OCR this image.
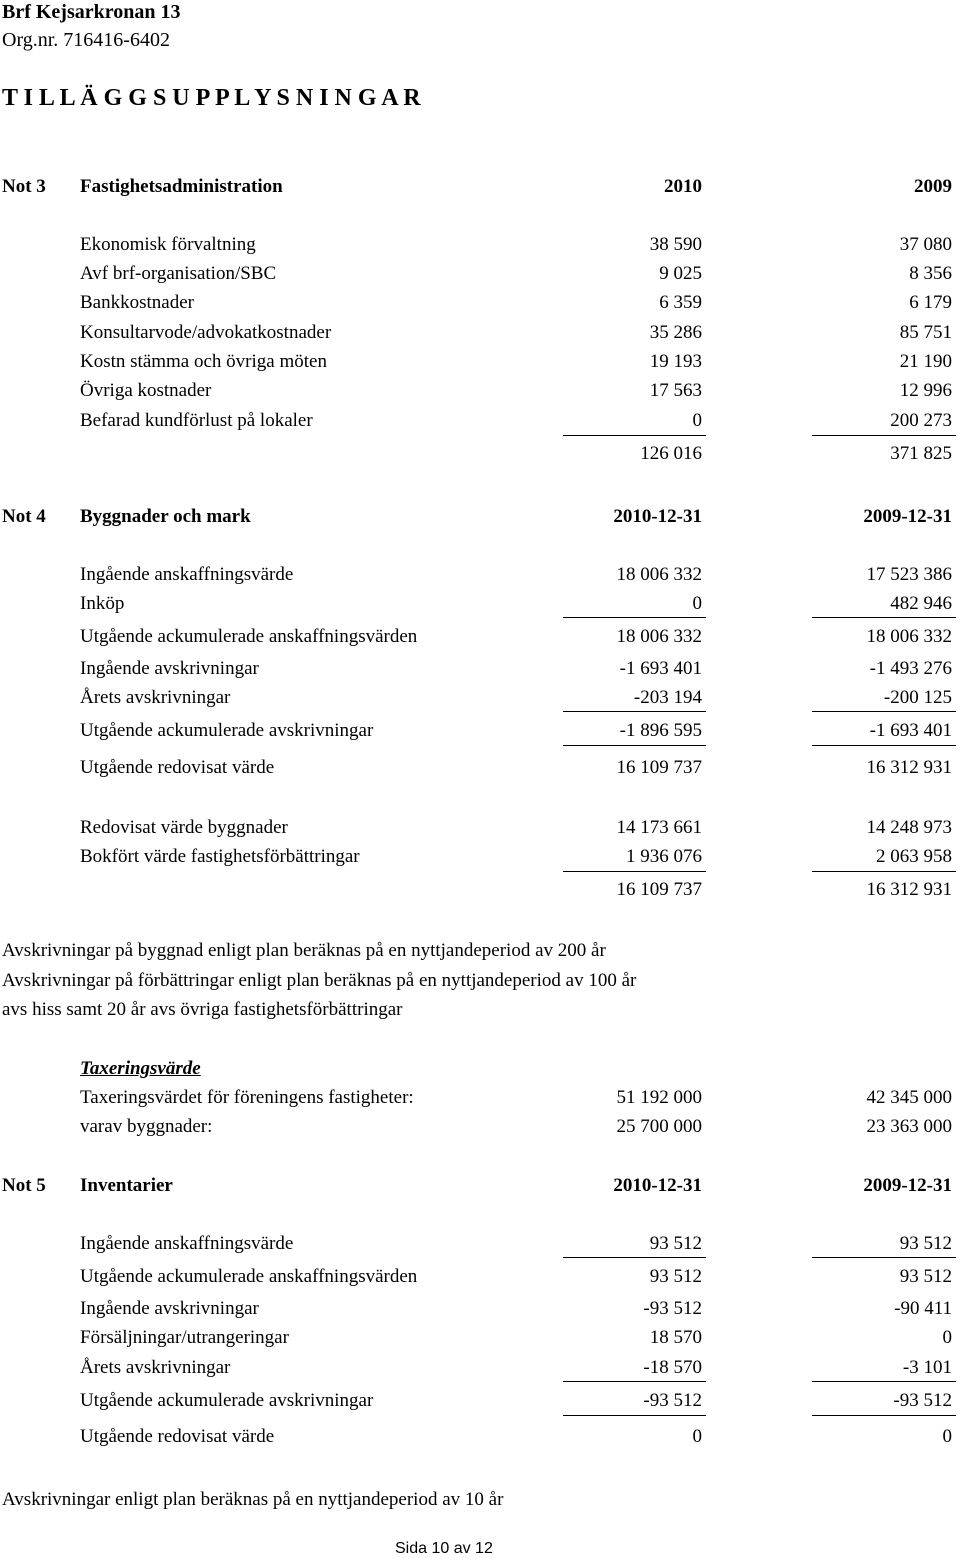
Brf Kejsarkronan 13
Org.nr. 716416-6402
T I L L Ä G G S U P P L Y S N I N G A R
Not 3 Fastighetsadministration	2010	2009
Ekonomisk förvaltning	38 590	37 080
Avf brf-organisation/SBC	9 025	8 356
Bankkostnader	6 359	6 179
Konsultarvode/advokatkostnader	35 286	85 751
Kostn stämma och övriga möten	19 193	21 190
Övriga kostnader	17 563	12 996
Befarad kundförlust på lokaler	0	200 273
126 016	371 825
Not 4 Byggnader och mark	2010-12-31	2009-12-31
Ingående anskaffningsvärde	18 006 332	17 523 386
Inköp	0	482 946
Utgående ackumulerade anskaffningsvärden	18 006 332	18 006 332
Ingående avskrivningar	-1 693 401	-1 493 276
Årets avskrivningar	-203 194	-200 125
Utgående ackumulerade avskrivningar	-1 896 595	-1 693 401
Utgående redovisat värde	16 109 737	16 312 931
Redovisat värde byggnader	14 173 661	14 248 973
Bokfört värde fastighetsförbättringar	1 936 076	2 063 958
16 109 737	16 312 931
Avskrivningar på byggnad enligt plan beräknas på en nyttjandeperiod av 200 år
Avskrivningar på förbättringar enligt plan beräknas på en nyttjandeperiod av 100 år
avs hiss samt 20 år avs övriga fastighetsförbättringar
Taxeringsvärde
Taxeringsvärdet för föreningens fastigheter:	51 192 000	42 345 000
varav byggnader:	25 700 000	23 363 000
Not 5 Inventarier	2010-12-31	2009-12-31
Ingående anskaffningsvärde	93 512	93 512
Utgående ackumulerade anskaffningsvärden	93 512	93 512
Ingående avskrivningar	-93 512	-90 411
Försäljningar/utrangeringar	18 570	0
Årets avskrivningar	-18 570	-3 101
Utgående ackumulerade avskrivningar	-93 512	-93 512
Utgående redovisat värde	0	0
Avskrivningar enligt plan beräknas på en nyttjandeperiod av 10 år
Sida 10 av 12
